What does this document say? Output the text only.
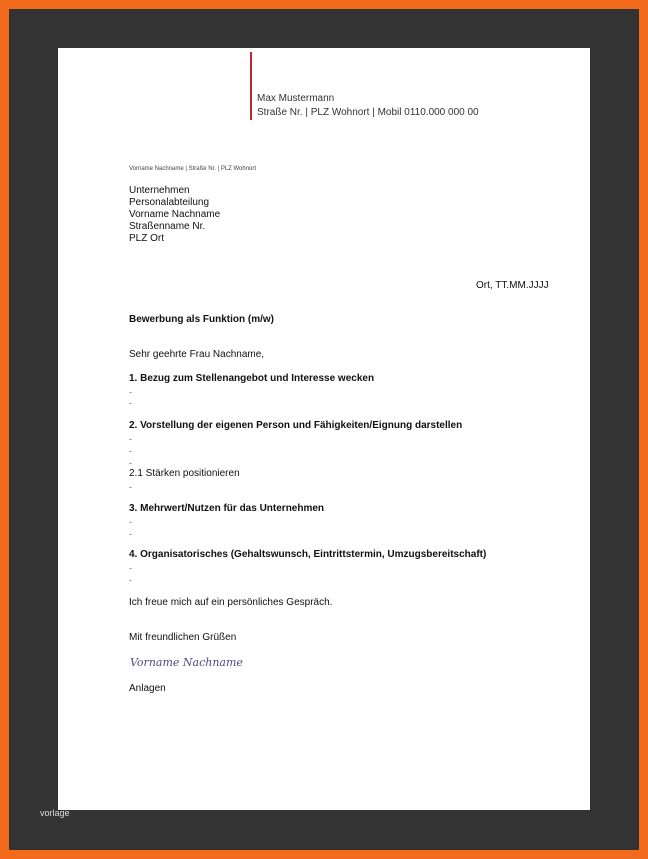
Max Mustermann
Straße Nr. | PLZ Wohnort | Mobil 0110.000 000 00
Vorname Nachname | Straße Nr. | PLZ Wohnort
Unternehmen
Personalabteilung
Vorname Nachname
Straßenname Nr.
PLZ Ort
Ort, TT.MM.JJJJ
Bewerbung als Funktion (m/w)
Sehr geehrte Frau Nachname,
1. Bezug zum Stellenangebot und Interesse wecken
-
-
2. Vorstellung der eigenen Person und Fähigkeiten/Eignung darstellen
-
-
-
2.1 Stärken positionieren
-
3. Mehrwert/Nutzen für das Unternehmen
-
-
4. Organisatorisches (Gehaltswunsch, Eintrittstermin, Umzugsbereitschaft)
-
-
Ich freue mich auf ein persönliches Gespräch.
Mit freundlichen Grüßen
Vorname Nachname
Anlagen
vorlage
